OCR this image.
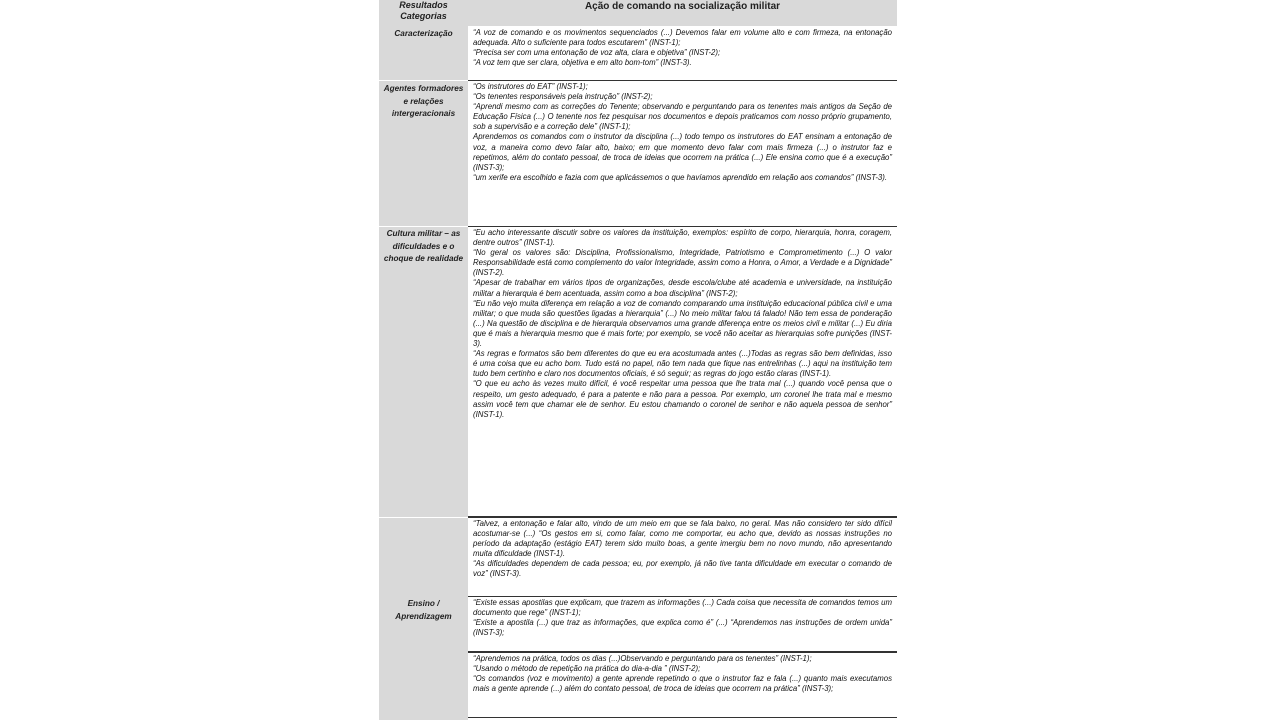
Resultados Categorias
Ação de comando na socialização militar
Caracterização
Agentes formadores e relações intergeracionais
Cultura militar – as dificuldades e o choque de realidade
Ensino / Aprendizagem

“A voz de comando e os movimentos sequenciados (...) Devemos falar em volume alto e com firmeza, na entonação adequada. Alto o suficiente para todos escutarem” (INST-1);

“Precisa ser com uma entonação de voz alta, clara e objetiva” (INST-2);

“A voz tem que ser clara, objetiva e em alto bom-tom” (INST-3).

“Os instrutores do EAT” (INST-1);

“Os tenentes responsáveis pela instrução” (INST-2);

“Aprendi mesmo com as correções do Tenente; observando e perguntando para os tenentes mais antigos da Seção de Educação Física (...) O tenente nos fez pesquisar nos documentos e depois praticamos com nosso próprio grupamento, sob a supervisão e a correção dele” (INST-1);

Aprendemos os comandos com o instrutor da disciplina (...) todo tempo os instrutores do EAT ensinam a entonação de voz, a maneira como devo falar alto, baixo; em que momento devo falar com mais firmeza (...) o instrutor faz e repetimos, além do contato pessoal, de troca de ideias que ocorrem na prática (...) Ele ensina como que é a execução” (INST-3);

“um xerife era escolhido e fazia com que aplicássemos o que havíamos aprendido em relação aos comandos” (INST-3).

“Eu acho interessante discutir sobre os valores da instituição, exemplos: espírito de corpo, hierarquia, honra, coragem, dentre outros” (INST-1).

“No geral os valores são: Disciplina, Profissionalismo, Integridade, Patriotismo e Comprometimento (...) O valor Responsabilidade está como complemento do valor Integridade, assim como a Honra, o Amor, a Verdade e a Dignidade” (INST-2).

“Apesar de trabalhar em vários tipos de organizações, desde escola/clube até academia e universidade, na instituição militar a hierarquia é bem acentuada, assim como a boa disciplina” (INST-2);

“Eu não vejo muita diferença em relação a voz de comando comparando uma instituição educacional pública civil e uma militar; o que muda são questões ligadas a hierarquia” (...) No meio militar falou tá falado! Não tem essa de ponderação (...) Na questão de disciplina e de hierarquia observamos uma grande diferença entre os meios civil e militar (...) Eu diria que é mais a hierarquia mesmo que é mais forte; por exemplo, se você não aceitar as hierarquias sofre punições (INST-3).

“As regras e formatos são bem diferentes do que eu era acostumada antes (...)Todas as regras são bem definidas, isso é uma coisa que eu acho bom. Tudo está no papel, não tem nada que fique nas entrelinhas (...) aqui na instituição tem tudo bem certinho e claro nos documentos oficiais, é só seguir; as regras do jogo estão claras (INST-1).

“O que eu acho às vezes muito difícil, é você respeitar uma pessoa que lhe trata mal (...) quando você pensa que o respeito, um gesto adequado, é para a patente e não para a pessoa. Por exemplo, um coronel lhe trata mal e mesmo assim você tem que chamar ele de senhor. Eu estou chamando o coronel de senhor e não aquela pessoa de senhor” (INST-1).

“Talvez, a entonação e falar alto, vindo de um meio em que se fala baixo, no geral. Mas não considero ter sido difícil acostumar-se (...) “Os gestos em si, como falar, como me comportar, eu acho que, devido as nossas instruções no período da adaptação (estágio EAT) terem sido muito boas, a gente imergiu bem no novo mundo, não apresentando muita dificuldade (INST-1).

“As dificuldades dependem de cada pessoa; eu, por exemplo, já não tive tanta dificuldade em executar o comando de voz” (INST-3).

“Existe essas apostilas que explicam, que trazem as informações (...) Cada coisa que necessita de comandos temos um documento que rege” (INST-1);

“Existe a apostila (...) que traz as informações, que explica como é” (...) “Aprendemos nas instruções de ordem unida” (INST-3);

“Aprendemos na prática, todos os dias (...)Observando e perguntando para os tenentes” (INST-1);

“Usando o método de repetição na prática do dia-a-dia ” (INST-2);

“Os comandos (voz e movimento) a gente aprende repetindo o que o instrutor faz e fala (...) quanto mais executamos mais a gente aprende (...) além do contato pessoal, de troca de ideias que ocorrem na prática” (INST-3);
